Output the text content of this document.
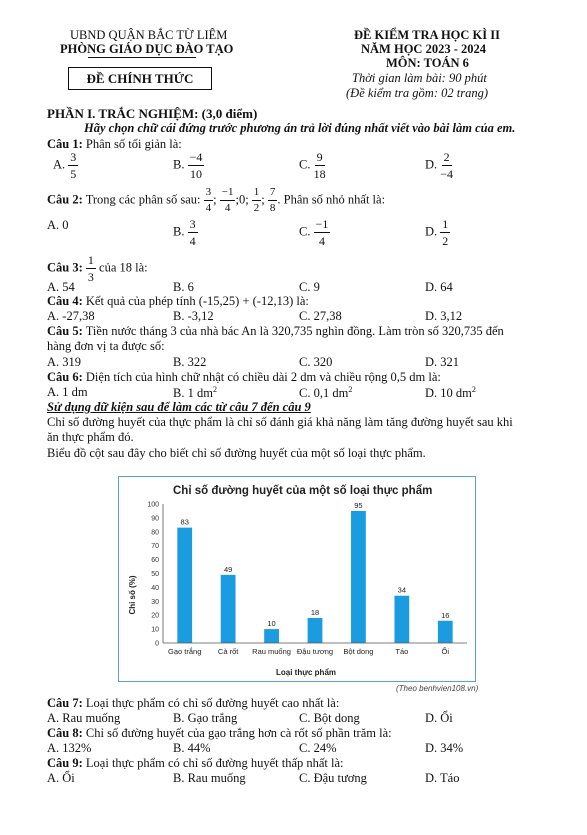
UBND QUẬN BẮC TỪ LIÊM
PHÒNG GIÁO DỤC ĐÀO TẠO
ĐỀ CHÍNH THỨC
ĐỀ KIỂM TRA HỌC KÌ II
NĂM HỌC 2023 - 2024
MÔN: TOÁN 6
Thời gian làm bài: 90 phút
(Đề kiểm tra gồm: 02 trang)
PHẦN I. TRẮC NGHIỆM: (3,0 điểm)
Hãy chọn chữ cái đứng trước phương án trả lời đúng nhất viết vào bài làm của em.
Câu 1: Phân số tối giản là:
A. $\frac{3}{5}$	B. $\frac{-4}{10}$	C. $\frac{9}{18}$	D. $\frac{2}{-4}$
Câu 2: Trong các phân số sau: $\frac{3}{4}$ ; $\frac{-1}{4}$ ;0; $\frac{1}{2}$ ; $\frac{7}{8}$ . Phân số nhỏ nhất là:
A. 0	B. $\frac{3}{4}$	C. $\frac{-1}{4}$	D. $\frac{1}{2}$
Câu 3: $\frac{1}{3}$ của 18 là:
A. 54	B. 6	C. 9	D. 64
Câu 4: Kết quả của phép tính (-15,25) + (-12,13) là:
A. -27,38	B. -3,12	C. 27,38	D. 3,12
Câu 5: Tiền nước tháng 3 của nhà bác An là 320,735 nghìn đồng. Làm tròn số 320,735 đến
hàng đơn vị ta được số:
A. 319	B. 322	C. 320	D. 321
Câu 6: Diện tích của hình chữ nhật có chiều dài 2 dm và chiều rộng 0,5 dm là:
A. 1 dm	B. 1 $dm^2$	C. 0,1 $dm^2$	D. 10 $dm^2$
Sử dụng dữ kiện sau để làm các từ câu 7 đến câu 9
Chỉ số đường huyết của thực phẩm là chỉ số đánh giá khả năng làm tăng đường huyết sau khi
ăn thực phẩm đó.
Biểu đồ cột sau đây cho biết chỉ số đường huyết của một số loại thực phẩm.
Chỉ số đường huyết của một số loại thực phẩm
Chỉ số (%)
Loại thực phẩm
0
10
20
30
40
50
60
70
80
90
100
Gạo trắng Cà rốt Rau muống Đậu tương Bột dong	Táo	Ổi
83
49
10
18
95
34
16
(Theo benhvien108.vn)
Câu 7: Loại thực phẩm có chỉ số đường huyết cao nhất là:
A. Rau muống	B. Gạo trắng	C. Bột dong	D. Ổi
Câu 8: Chỉ số đường huyết của gạo trắng hơn cà rốt số phần trăm là:
A. 132%	B. 44%	C. 24%	D. 34%
Câu 9: Loại thực phẩm có chỉ số đường huyết thấp nhất là:
A. Ổi	B. Rau muống	C. Đậu tương	D. Táo
